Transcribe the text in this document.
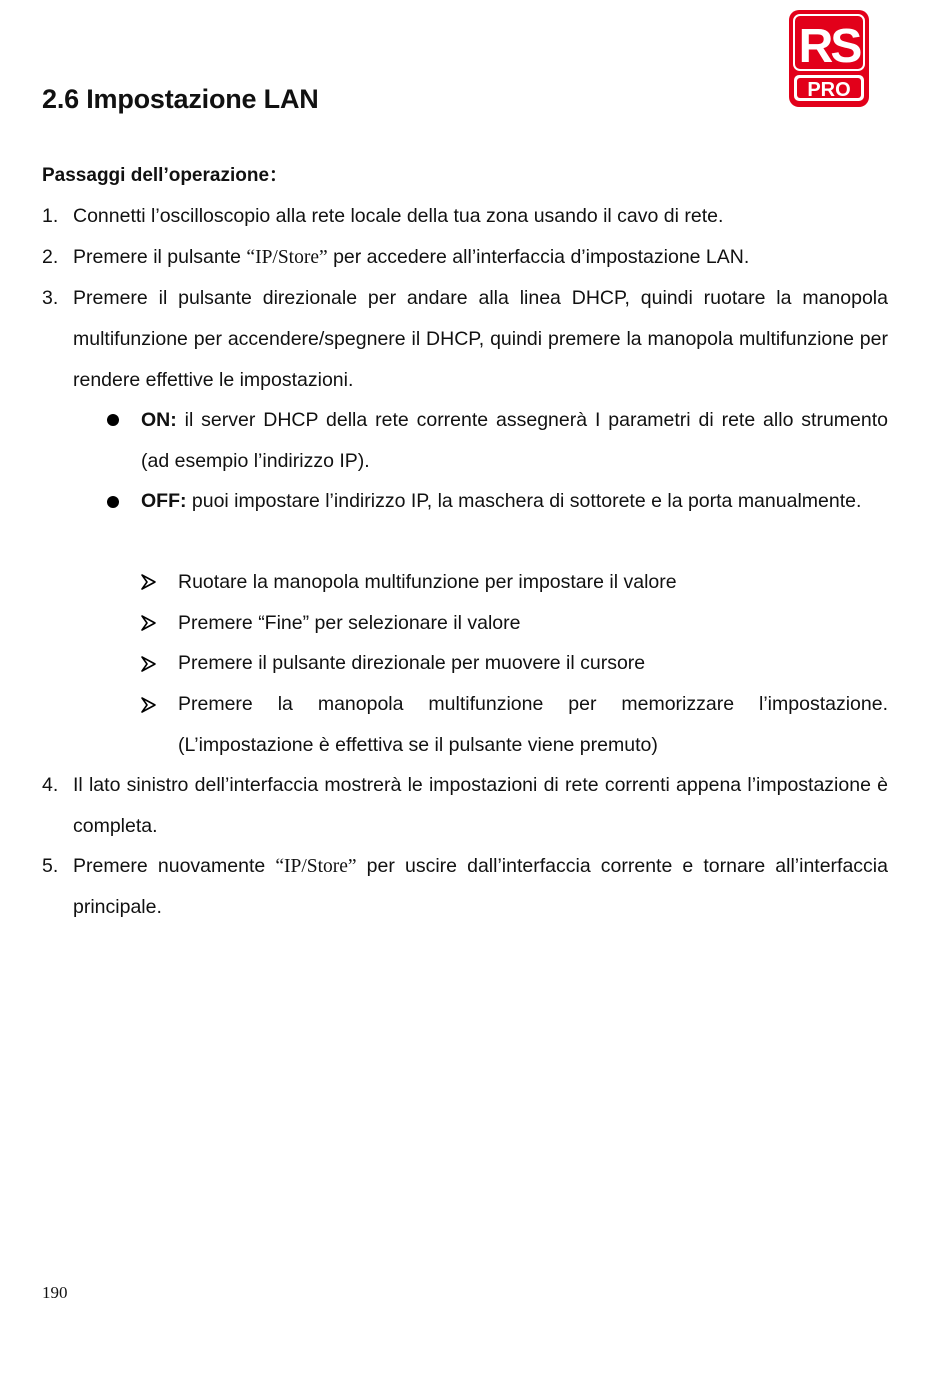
RS
PRO
2.6 Impostazione LAN

Passaggi dell’operazione：

1. Connetti l’oscilloscopio alla rete locale della tua zona usando il cavo di rete.

2. Premere il pulsante “IP/Store” per accedere all’interfaccia d’impostazione LAN.

3. Premere il pulsante direzionale per andare alla linea DHCP, quindi ruotare la manopola multifunzione per accendere/spegnere il DHCP, quindi premere la manopola multifunzione per rendere effettive le impostazioni.

ON: il server DHCP della rete corrente assegnerà I parametri di rete allo strumento (ad esempio l’indirizzo IP).

OFF: puoi impostare l’indirizzo IP, la maschera di sottorete e la porta manualmente.

Ruotare la manopola multifunzione per impostare il valore

Premere “Fine” per selezionare il valore

Premere il pulsante direzionale per muovere il cursore

Premere la manopola multifunzione per memorizzare l’impostazione. (L’impostazione è effettiva se il pulsante viene premuto)

4. Il lato sinistro dell’interfaccia mostrerà le impostazioni di rete correnti appena l’impostazione è completa.

5. Premere nuovamente “IP/Store” per uscire dall’interfaccia corrente e tornare all’interfaccia principale.

190
